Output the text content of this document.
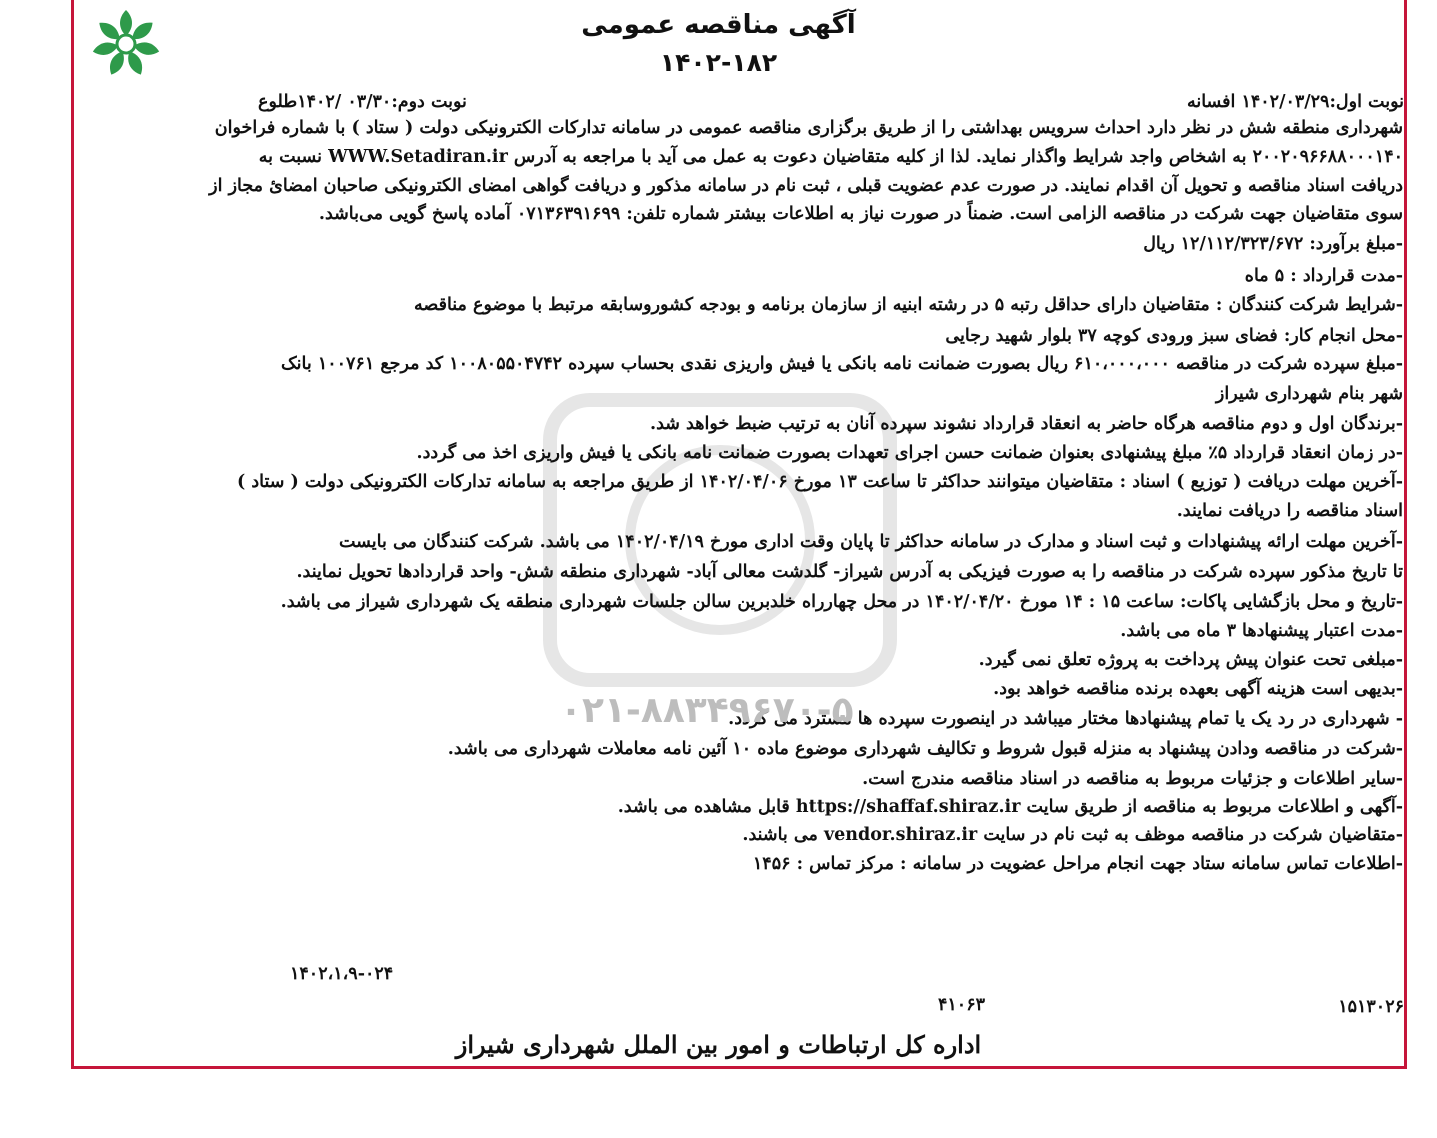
آگهی مناقصه عمومی
۱۴۰۲-۱۸۲
نوبت اول:۱۴۰۲/۰۳/۲۹ افسانه
نوبت دوم:۰۳/۳۰ /۱۴۰۲طلوع
شهرداری منطقه شش در نظر دارد احداث سرویس بهداشتی را از طریق برگزاری مناقصه عمومی در سامانه تدارکات الکترونیکی دولت ( ستاد ) با شماره فراخوان
۲۰۰۲۰۹۶۶۸۸۰۰۰۱۴۰ به اشخاص واجد شرایط واگذار نماید. لذا از کلیه متقاضیان دعوت به عمل می آید با مراجعه به آدرس WWW.Setadiran.ir نسبت به
دریافت اسناد مناقصه و تحویل آن اقدام نمایند. در صورت عدم عضویت قبلی ، ثبت نام در سامانه مذکور و دریافت گواهی امضای الکترونیکی صاحبان امضائ مجاز از
سوی متقاضیان جهت شرکت در مناقصه الزامی است. ضمناً در صورت نیاز به اطلاعات بیشتر شماره تلفن: ۰۷۱۳۶۳۹۱۶۹۹ آماده پاسخ گویی می‌باشد.
-مبلغ برآورد: ۱۲/۱۱۲/۳۲۳/۶۷۲ ریال
-مدت قرارداد : ۵ ماه
-شرایط شرکت کنندگان : متقاضیان دارای حداقل رتبه ۵ در رشته ابنیه از سازمان برنامه و بودجه کشوروسابقه مرتبط با موضوع مناقصه
-محل انجام کار: فضای سبز ورودی کوچه ۳۷ بلوار شهید رجایی
-مبلغ سپرده شرکت در مناقصه ۶۱۰،۰۰۰،۰۰۰ ریال بصورت ضمانت نامه بانکی یا فیش واریزی نقدی بحساب سپرده ۱۰۰۸۰۵۵۰۴۷۴۲ کد مرجع ۱۰۰۷۶۱ بانک
شهر بنام شهرداری شیراز
-برندگان اول و دوم مناقصه هرگاه حاضر به انعقاد قرارداد نشوند سپرده آنان به ترتیب ضبط خواهد شد.
-در زمان انعقاد قرارداد ۵٪ مبلغ پیشنهادی بعنوان ضمانت حسن اجرای تعهدات بصورت ضمانت نامه بانکی یا فیش واریزی اخذ می گردد.
-آخرین مهلت دریافت ( توزیع ) اسناد : متقاضیان میتوانند حداکثر تا ساعت ۱۳ مورخ ۱۴۰۲/۰۴/۰۶ از طریق مراجعه به سامانه تدارکات الکترونیکی دولت ( ستاد )
اسناد مناقصه را دریافت نمایند.
-آخرین مهلت ارائه پیشنهادات و ثبت اسناد و مدارک در سامانه حداکثر تا پایان وقت اداری مورخ ۱۴۰۲/۰۴/۱۹ می باشد. شرکت کنندگان می بایست
تا تاریخ مذکور سپرده شرکت در مناقصه را به صورت فیزیکی به آدرس شیراز- گلدشت معالی آباد- شهرداری منطقه شش- واحد قراردادها تحویل نمایند.
-تاریخ و محل بازگشایی پاکات: ساعت ۱۵ : ۱۴ مورخ ۱۴۰۲/۰۴/۲۰ در محل چهارراه خلدبرین سالن جلسات شهرداری منطقه یک شهرداری شیراز می باشد.
-مدت اعتبار پیشنهادها ۳ ماه می باشد.
-مبلغی تحت عنوان پیش پرداخت به پروژه تعلق نمی گیرد.
-بدیهی است هزینه آگهی بعهده برنده مناقصه خواهد بود.
- شهرداری در رد یک یا تمام پیشنهادها مختار میباشد در اینصورت سپرده ها مسترد می گردد.
-شرکت در مناقصه ودادن پیشنهاد به منزله قبول شروط و تکالیف شهرداری موضوع ماده ۱۰ آئین نامه معاملات شهرداری می باشد.
-سایر اطلاعات و جزئیات مربوط به مناقصه در اسناد مناقصه مندرج است.
-آگهی و اطلاعات مربوط به مناقصه از طریق سایت https://shaffaf.shiraz.ir قابل مشاهده می باشد.
-متقاضیان شرکت در مناقصه موظف به ثبت نام در سایت vendor.shiraz.ir می باشند.
-اطلاعات تماس سامانه ستاد جهت انجام مراحل عضویت در سامانه : مرکز تماس : ۱۴۵۶
۱۴۰۲،۱،۹-۰۲۴
۴۱۰۶۳	۱۵۱۳۰۲۶
۰۲۱-۸۸۳۴۹۶۷۰-۵
اداره کل ارتباطات و امور بین الملل شهرداری شیراز
